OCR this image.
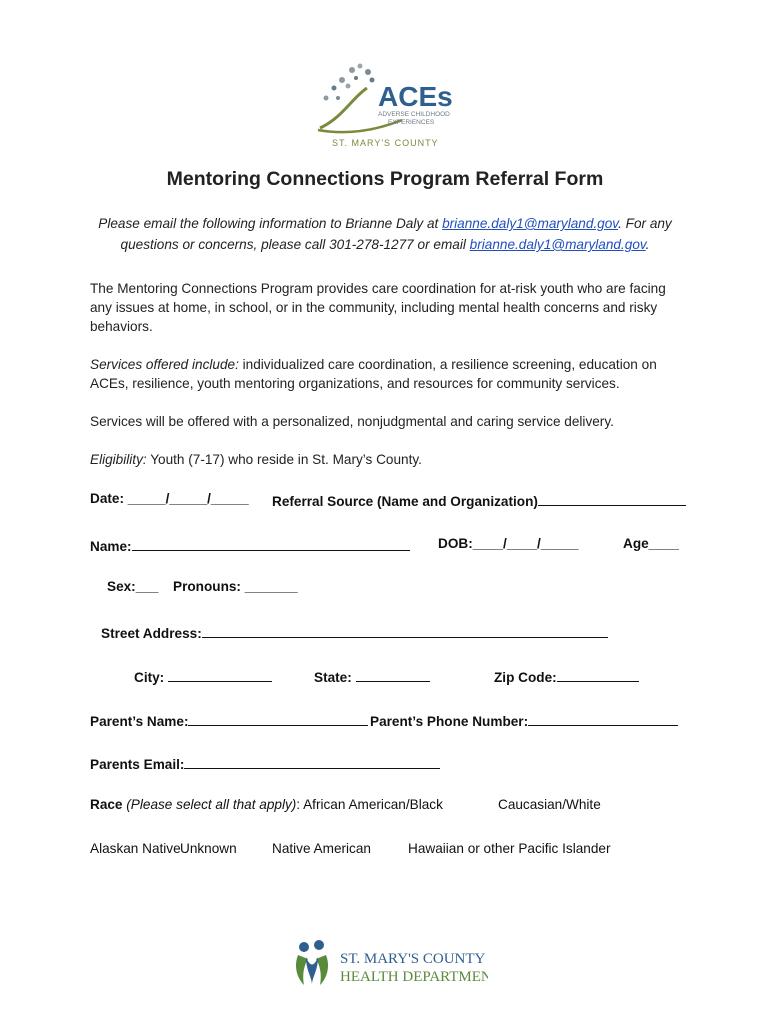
ACEs
ADVERSE CHILDHOOD
EXPERIENCES
ST. MARY'S COUNTY
Mentoring Connections Program Referral Form
Please email the following information to Brianne Daly at brianne.daly1@maryland.gov. For any
questions or concerns, please call 301-278-1277 or email brianne.daly1@maryland.gov.
The Mentoring Connections Program provides care coordination for at-risk youth who are facing any issues at home, in school, or in the community, including mental health concerns and risky behaviors.
Services offered include: individualized care coordination, a resilience screening, education on ACEs, resilience, youth mentoring organizations, and resources for community services.
Services will be offered with a personalized, nonjudgmental and caring service delivery.
Eligibility: Youth (7-17) who reside in St. Mary’s County.
Date: _____/_____/_____ Referral Source (Name and Organization)
Name:	DOB:____/____/_____	Age____
Sex:___ Pronouns: _______
Street Address:
City:	State:	Zip Code:
Parent’s Name:	Parent’s Phone Number:
Parents Email:
Race (Please select all that apply): African American/Black	Caucasian/White
Alaskan Native Unknown	Native American	Hawaiian or other Pacific Islander
ST. MARY'S COUNTY
HEALTH DEPARTMENT
